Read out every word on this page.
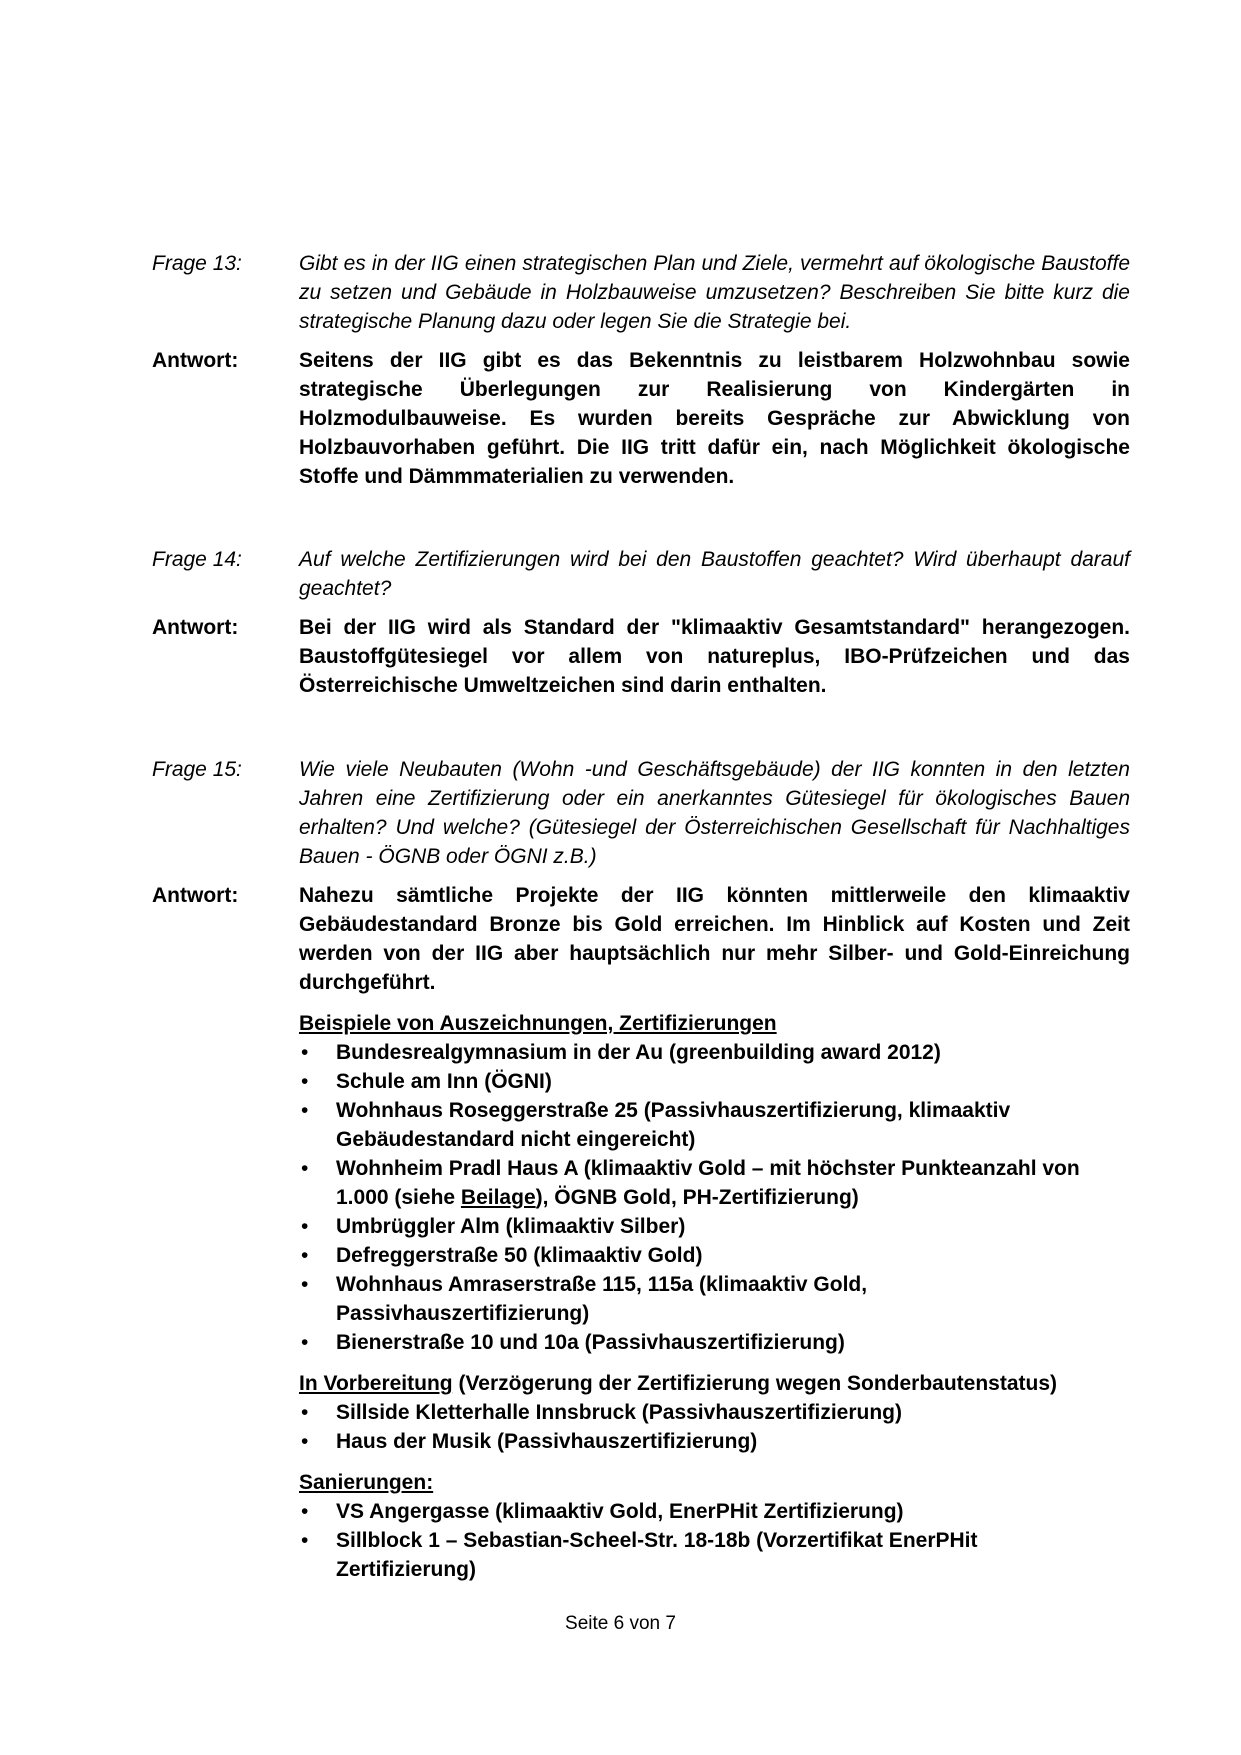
Frage 13:	Gibt es in der IIG einen strategischen Plan und Ziele, vermehrt auf ökologische Baustoffe zu setzen und Gebäude in Holzbauweise umzusetzen? Beschreiben Sie bitte kurz die strategische Planung dazu oder legen Sie die Strategie bei.
Antwort:	Seitens der IIG gibt es das Bekenntnis zu leistbarem Holzwohnbau sowie strategische Überlegungen zur Realisierung von Kindergärten in Holzmodulbauweise. Es wurden bereits Gespräche zur Abwicklung von Holzbauvorhaben geführt. Die IIG tritt dafür ein, nach Möglichkeit ökologische Stoffe und Dämmmaterialien zu verwenden.
Frage 14:	Auf welche Zertifizierungen wird bei den Baustoffen geachtet? Wird überhaupt darauf geachtet?
Antwort:	Bei der IIG wird als Standard der "klimaaktiv Gesamtstandard" herangezogen. Baustoffgütesiegel vor allem von natureplus, IBO-Prüfzeichen und das Österreichische Umweltzeichen sind darin enthalten.
Frage 15:	Wie viele Neubauten (Wohn -und Geschäftsgebäude) der IIG konnten in den letzten Jahren eine Zertifizierung oder ein anerkanntes Gütesiegel für ökologisches Bauen erhalten? Und welche? (Gütesiegel der Österreichischen Gesellschaft für Nachhaltiges Bauen - ÖGNB oder ÖGNI z.B.)
Antwort:	Nahezu sämtliche Projekte der IIG könnten mittlerweile den klimaaktiv Gebäudestandard Bronze bis Gold erreichen. Im Hinblick auf Kosten und Zeit werden von der IIG aber hauptsächlich nur mehr Silber- und Gold-Einreichung durchgeführt.
Beispiele von Auszeichnungen, Zertifizierungen
• Bundesrealgymnasium in der Au (greenbuilding award 2012)
• Schule am Inn (ÖGNI)
• Wohnhaus Roseggerstraße 25 (Passivhauszertifizierung, klimaaktiv Gebäudestandard nicht eingereicht)
• Wohnheim Pradl Haus A (klimaaktiv Gold – mit höchster Punkteanzahl von 1.000 (siehe Beilage), ÖGNB Gold, PH-Zertifizierung)
• Umbrüggler Alm (klimaaktiv Silber)
• Defreggerstraße 50 (klimaaktiv Gold)
• Wohnhaus Amraserstraße 115, 115a (klimaaktiv Gold, Passivhauszertifizierung)
• Bienerstraße 10 und 10a (Passivhauszertifizierung)
In Vorbereitung (Verzögerung der Zertifizierung wegen Sonderbautenstatus)
• Sillside Kletterhalle Innsbruck (Passivhauszertifizierung)
• Haus der Musik (Passivhauszertifizierung)
Sanierungen:
• VS Angergasse (klimaaktiv Gold, EnerPHit Zertifizierung)
• Sillblock 1 – Sebastian-Scheel-Str. 18-18b (Vorzertifikat EnerPHit Zertifizierung)
Seite 6 von 7
